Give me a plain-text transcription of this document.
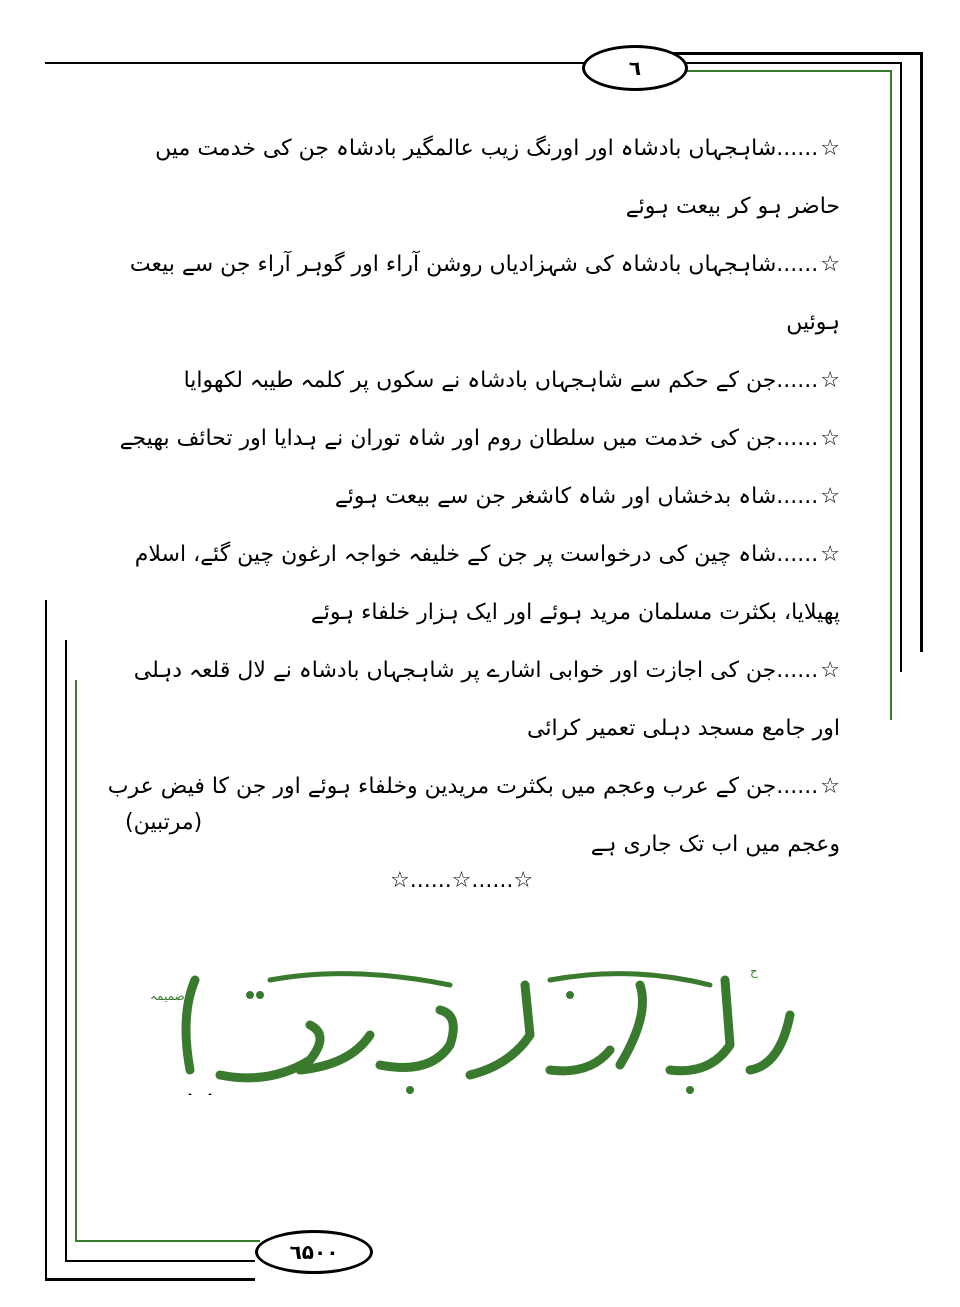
٦
☆......شاہجہاں بادشاہ اور اورنگ زیب عالمگیر بادشاہ جن کی خدمت میں حاضر ہو کر بیعت ہوئے
☆......شاہجہاں بادشاہ کی شہزادیاں روشن آراء اور گوہر آراء جن سے بیعت ہوئیں
☆......جن کے حکم سے شاہجہاں بادشاہ نے سکوں پر کلمہ طیبہ لکھوایا
☆......جن کی خدمت میں سلطان روم اور شاہ توران نے ہدایا اور تحائف بھیجے
☆......شاہ بدخشاں اور شاہ کاشغر جن سے بیعت ہوئے
☆......شاہ چین کی درخواست پر جن کے خلیفہ خواجہ ارغون چین گئے، اسلام پھیلایا، بکثرت مسلمان مرید ہوئے اور ایک ہزار خلفاء ہوئے
☆......جن کی اجازت اور خوابی اشارے پر شاہجہاں بادشاہ نے لال قلعہ دہلی اور جامع مسجد دہلی تعمیر کرائی
☆......جن کے عرب وعجم میں بکثرت مریدین وخلفاء ہوئے اور جن کا فیض عرب وعجم میں اب تک جاری ہے
(مرتبین)
☆......☆......☆
ضمیمہ
ح
٦۵٠٠
